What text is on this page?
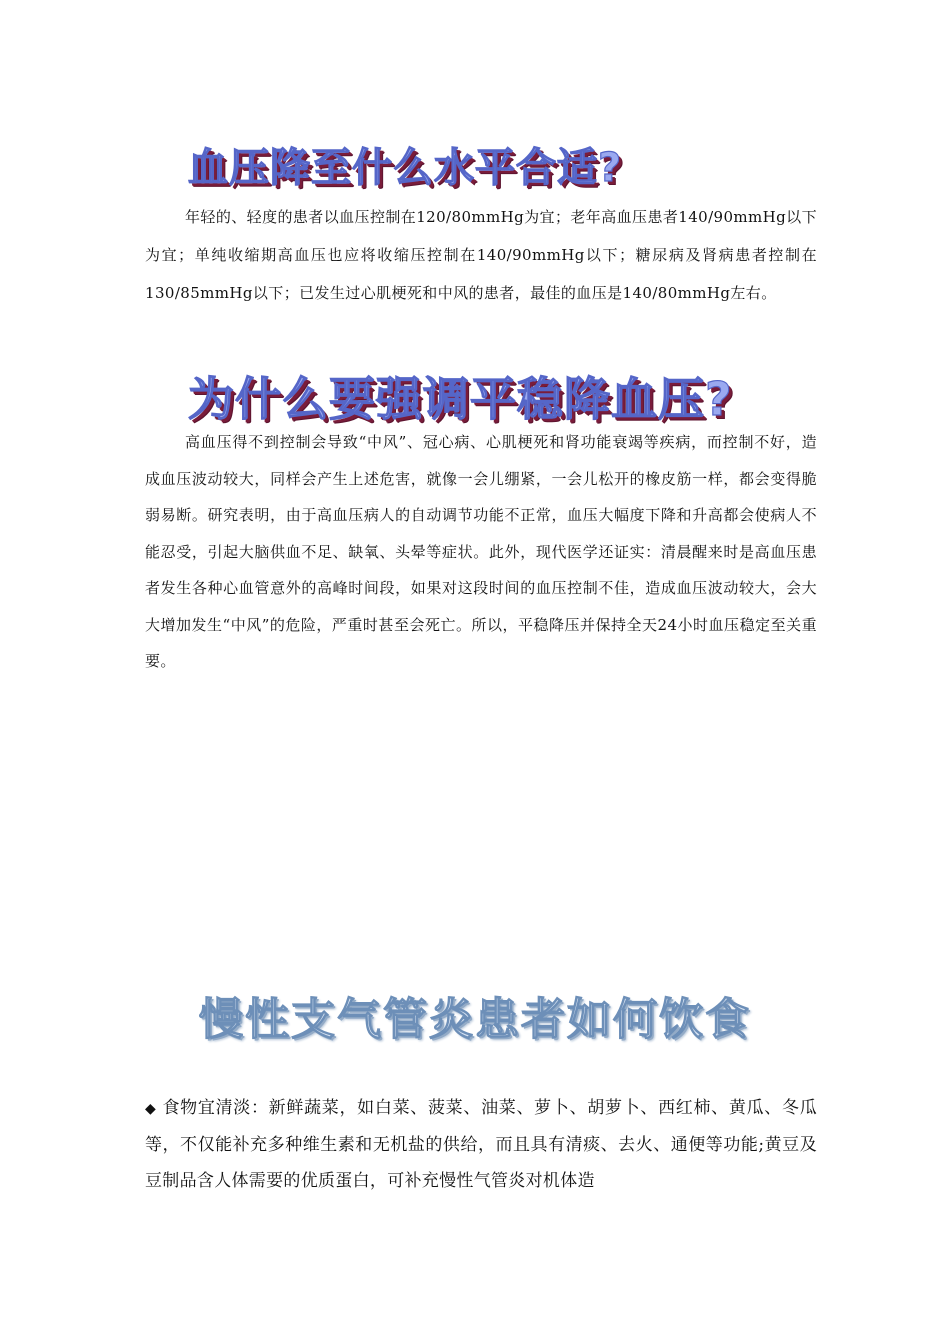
血压降至什么水平合适?

年轻的、轻度的患者以血压控制在120/80mmHg为宜；老年高血压患者140/90mmHg以下为宜；单纯收缩期高血压也应将收缩压控制在140/90mmHg以下；糖尿病及肾病患者控制在130/85mmHg以下；已发生过心肌梗死和中风的患者，最佳的血压是140/80mmHg左右。

为什么要强调平稳降血压?

高血压得不到控制会导致“中风”、冠心病、心肌梗死和肾功能衰竭等疾病，而控制不好，造成血压波动较大，同样会产生上述危害，就像一会儿绷紧，一会儿松开的橡皮筋一样，都会变得脆弱易断。研究表明，由于高血压病人的自动调节功能不正常，血压大幅度下降和升高都会使病人不能忍受，引起大脑供血不足、缺氧、头晕等症状。此外，现代医学还证实：清晨醒来时是高血压患者发生各种心血管意外的高峰时间段，如果对这段时间的血压控制不佳，造成血压波动较大，会大大增加发生“中风”的危险，严重时甚至会死亡。所以，平稳降压并保持全天24小时血压稳定至关重要。

慢性支气管炎患者如何饮食

◆ 食物宜清淡：新鲜蔬菜，如白菜、菠菜、油菜、萝卜、胡萝卜、西红柿、黄瓜、冬瓜等，不仅能补充多种维生素和无机盐的供给，而且具有清痰、去火、通便等功能;黄豆及豆制品含人体需要的优质蛋白，可补充慢性气管炎对机体造
